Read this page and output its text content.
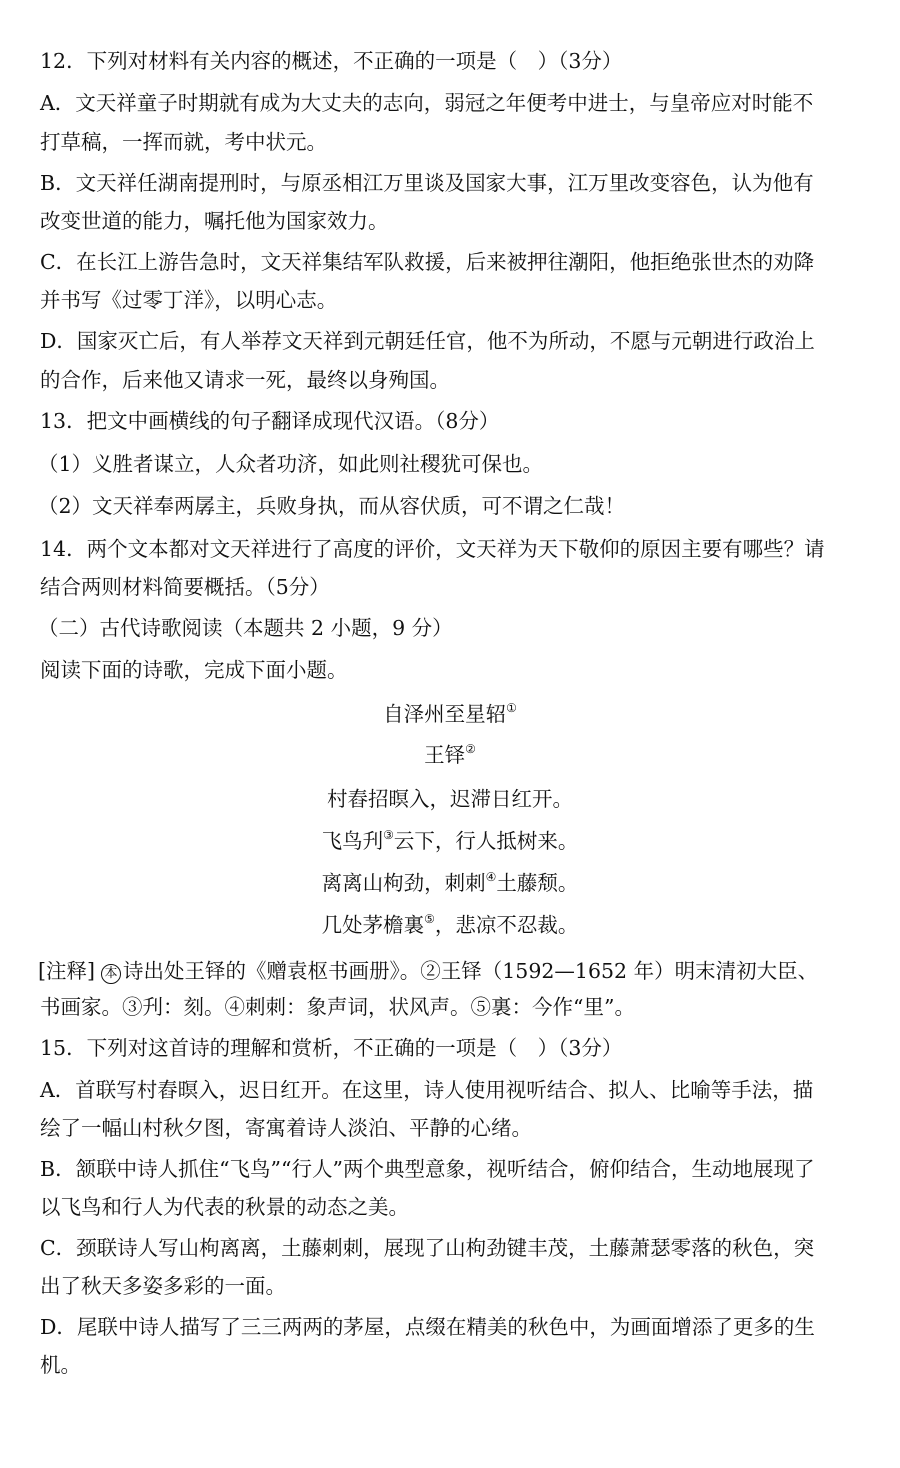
12．下列对材料有关内容的概述，不正确的一项是（　）（3分）
A．文天祥童子时期就有成为大丈夫的志向，弱冠之年便考中进士，与皇帝应对时能不
打草稿，一挥而就，考中状元。
B．文天祥任湖南提刑时，与原丞相江万里谈及国家大事，江万里改变容色，认为他有
改变世道的能力，嘱托他为国家效力。
C．在长江上游告急时，文天祥集结军队救援，后来被押往潮阳，他拒绝张世杰的劝降
并书写《过零丁洋》，以明心志。
D．国家灭亡后，有人举荐文天祥到元朝廷任官，他不为所动，不愿与元朝进行政治上
的合作，后来他又请求一死，最终以身殉国。
13．把文中画横线的句子翻译成现代汉语。（8分）
（1）义胜者谋立，人众者功济，如此则社稷犹可保也。
（2）文天祥奉两孱主，兵败身执，而从容伏质，可不谓之仁哉！
14．两个文本都对文天祥进行了高度的评价，文天祥为天下敬仰的原因主要有哪些？请
结合两则材料简要概括。（5分）
（二）古代诗歌阅读（本题共 2 小题，9 分）
阅读下面的诗歌，完成下面小题。
自泽州至星轺①
王铎②
村舂招暝入，迟滞日红开。
飞鸟刋③云下，行人抵树来。
离离山枸劲，刺刺④土藤颓。
几处茅檐裏⑤，悲凉不忍裁。
[注释] 本 诗出处王铎的《赠袁枢书画册》。②王铎（1592—1652 年）明末清初大臣、
书画家。③刋：刻。④刺刺：象声词，状风声。⑤裏：今作“里”。
15．下列对这首诗的理解和赏析，不正确的一项是（　）（3分）
A．首联写村舂暝入，迟日红开。在这里，诗人使用视听结合、拟人、比喻等手法，描
绘了一幅山村秋夕图，寄寓着诗人淡泊、平静的心绪。
B．颔联中诗人抓住“飞鸟”“行人”两个典型意象，视听结合，俯仰结合，生动地展现了
以飞鸟和行人为代表的秋景的动态之美。
C．颈联诗人写山枸离离，土藤刺刺，展现了山枸劲键丰茂，土藤萧瑟零落的秋色，突
出了秋天多姿多彩的一面。
D．尾联中诗人描写了三三两两的茅屋，点缀在精美的秋色中，为画面增添了更多的生
机。
